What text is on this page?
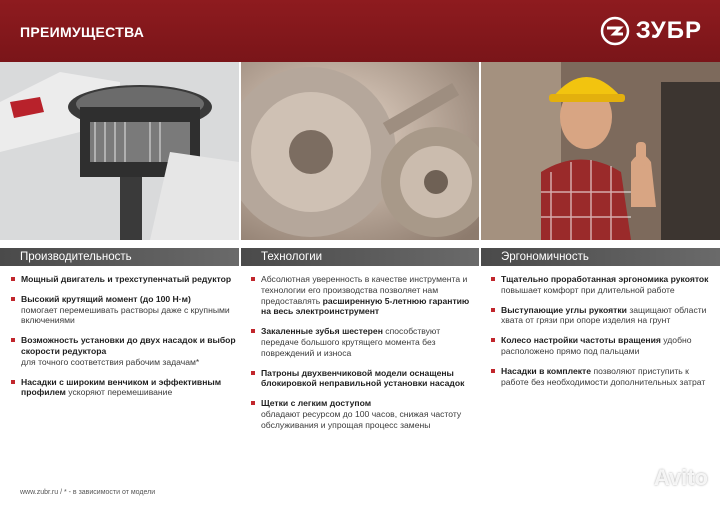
ПРЕИМУЩЕСТВА	ЗУБР
Производительность	Технологии	Эргономичность
Мощный двигатель и трехступенчатый редуктор
Высокий крутящий момент (до 100 Н·м)
помогает перемешивать растворы даже с крупными включениями
Возможность установки до двух насадок и выбор скорости редуктора
для точного соответствия рабочим задачам*
Насадки с широким венчиком и эффективным профилем ускоряют перемешивание
Абсолютная уверенность в качестве инструмента и технологии его производства позволяет нам предоставлять расширенную 5-летнюю гарантию на весь электроинструмент
Закаленные зубья шестерен способствуют передаче большого крутящего момента без повреждений и износа
Патроны двухвенчиковой модели оснащены блокировкой неправильной установки насадок
Щетки с легким доступом
обладают ресурсом до 100 часов, снижая частоту обслуживания и упрощая процесс замены
Тщательно проработанная эргономика рукояток повышает комфорт при длительной работе
Выступающие углы рукоятки защищают области хвата от грязи при опоре изделия на грунт
Колесо настройки частоты вращения удобно расположено прямо под пальцами
Насадки в комплекте позволяют приступить к работе без необходимости дополнительных затрат
www.zubr.ru / * - в зависимости от модели
Avito
